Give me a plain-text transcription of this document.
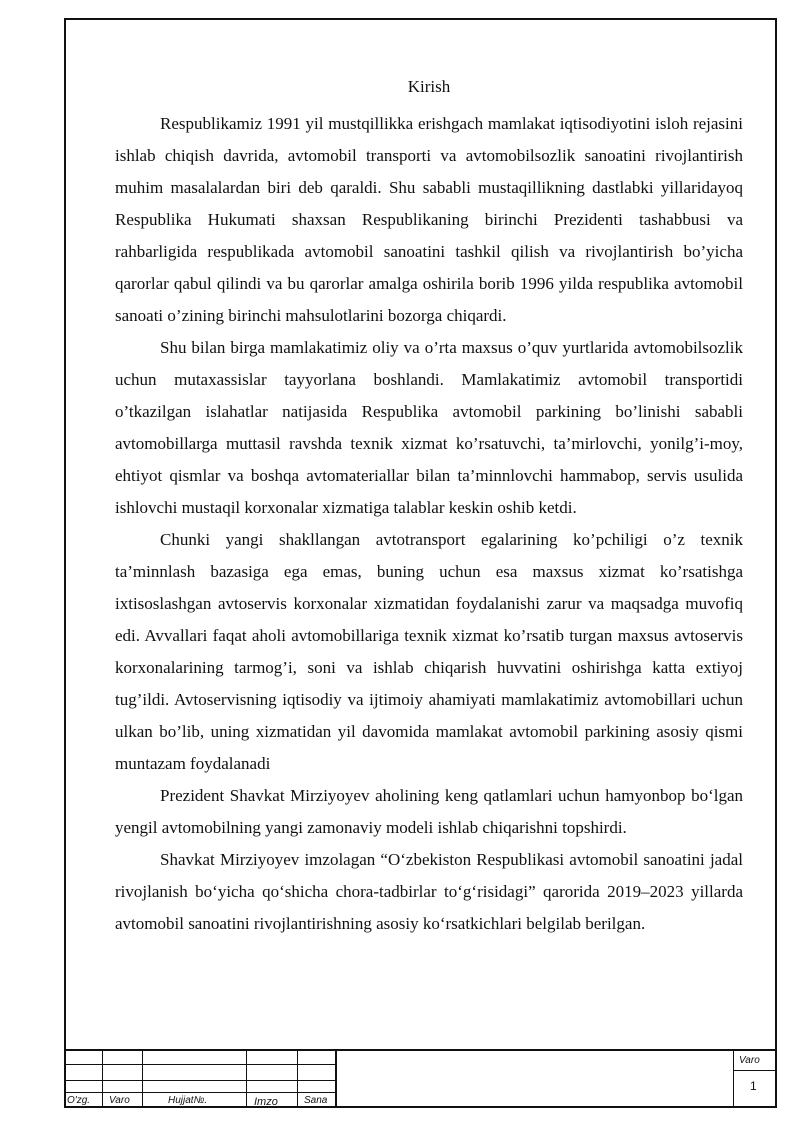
Kirish

Respublikamiz 1991 yil mustqillikka erishgach mamlakat iqtisodiyotini isloh rejasini ishlab chiqish davrida, avtomobil transporti va avtomobilsozlik sanoatini rivojlantirish muhim masalalardan biri deb qaraldi. Shu sababli mustaqillikning dastlabki yillaridayoq Respublika Hukumati shaxsan Respublikaning birinchi Prezidenti tashabbusi va rahbarligida respublikada avtomobil sanoatini tashkil qilish va rivojlantirish bo’yicha qarorlar qabul qilindi va bu qarorlar amalga oshirila borib 1996 yilda respublika avtomobil sanoati o’zining birinchi mahsulotlarini bozorga chiqardi.

Shu bilan birga mamlakatimiz oliy va o’rta maxsus o’quv yurtlarida avtomobilsozlik uchun mutaxassislar tayyorlana boshlandi. Mamlakatimiz avtomobil transportidi o’tkazilgan islahatlar natijasida Respublika avtomobil parkining bo’linishi sababli avtomobillarga muttasil ravshda texnik xizmat ko’rsatuvchi, ta’mirlovchi, yonilg’i-moy, ehtiyot qismlar va boshqa avtomateriallar bilan ta’minnlovchi hammabop, servis usulida ishlovchi mustaqil korxonalar xizmatiga talablar keskin oshib ketdi.

Chunki yangi shakllangan avtotransport egalarining ko’pchiligi o’z texnik ta’minnlash bazasiga ega emas, buning uchun esa maxsus xizmat ko’rsatishga ixtisoslashgan avtoservis korxonalar xizmatidan foydalanishi zarur va maqsadga muvofiq edi. Avvallari faqat aholi avtomobillariga texnik xizmat ko’rsatib turgan maxsus avtoservis korxonalarining tarmog’i, soni va ishlab chiqarish huvvatini oshirishga katta extiyoj tug’ildi. Avtoservisning iqtisodiy va ijtimoiy ahamiyati mamlakatimiz avtomobillari uchun ulkan bo’lib, uning xizmatidan yil davomida mamlakat avtomobil parkining asosiy qismi muntazam foydalanadi

Prezident Shavkat Mirziyoyev aholining keng qatlamlari uchun hamyonbop bo‘lgan yengil avtomobilning yangi zamonaviy modeli ishlab chiqarishni topshirdi.

Shavkat Mirziyoyev imzolagan “O‘zbekiston Respublikasi avtomobil sanoatini jadal rivojlanish bo‘yicha qo‘shicha chora-tadbirlar to‘g‘risidagi” qarorida 2019–2023 yillarda avtomobil sanoatini rivojlantirishning asosiy ko‘rsatkichlari belgilab berilgan.

O'zg. Varo	Hujjat№.	Imzo	Sana
Varo
1
